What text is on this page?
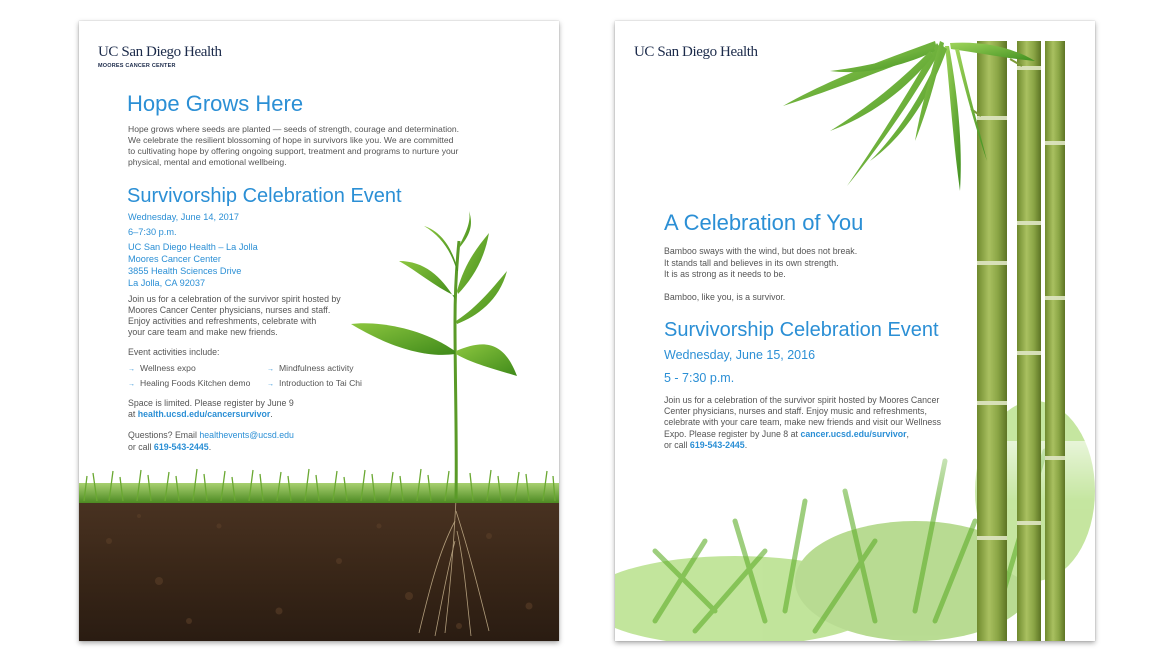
UC San Diego Health
MOORES CANCER CENTER
Hope Grows Here
Hope grows where seeds are planted — seeds of strength, courage and determination.
We celebrate the resilient blossoming of hope in survivors like you. We are committed
to cultivating hope by offering ongoing support, treatment and programs to nurture your
physical, mental and emotional wellbeing.
Survivorship Celebration Event
Wednesday, June 14, 2017
6–7:30 p.m.
UC San Diego Health – La Jolla
Moores Cancer Center
3855 Health Sciences Drive
La Jolla, CA 92037
Join us for a celebration of the survivor spirit hosted by
Moores Cancer Center physicians, nurses and staff.
Enjoy activities and refreshments, celebrate with
your care team and make new friends.
Event activities include:
→ Wellness expo	→ Mindfulness activity
→ Healing Foods Kitchen demo → Introduction to Tai Chi
Space is limited. Please register by June 9
at health.ucsd.edu/cancersurvivor.
Questions? Email healthevents@ucsd.edu
or call 619-543-2445.
UC San Diego Health
A Celebration of You
Bamboo sways with the wind, but does not break.
It stands tall and believes in its own strength.
It is as strong as it needs to be.
Bamboo, like you, is a survivor.
Survivorship Celebration Event
Wednesday, June 15, 2016
5 - 7:30 p.m.
Join us for a celebration of the survivor spirit hosted by Moores Cancer
Center physicians, nurses and staff. Enjoy music and refreshments,
celebrate with your care team, make new friends and visit our Wellness
Expo. Please register by June 8 at cancer.ucsd.edu/survivor,
or call 619-543-2445.
